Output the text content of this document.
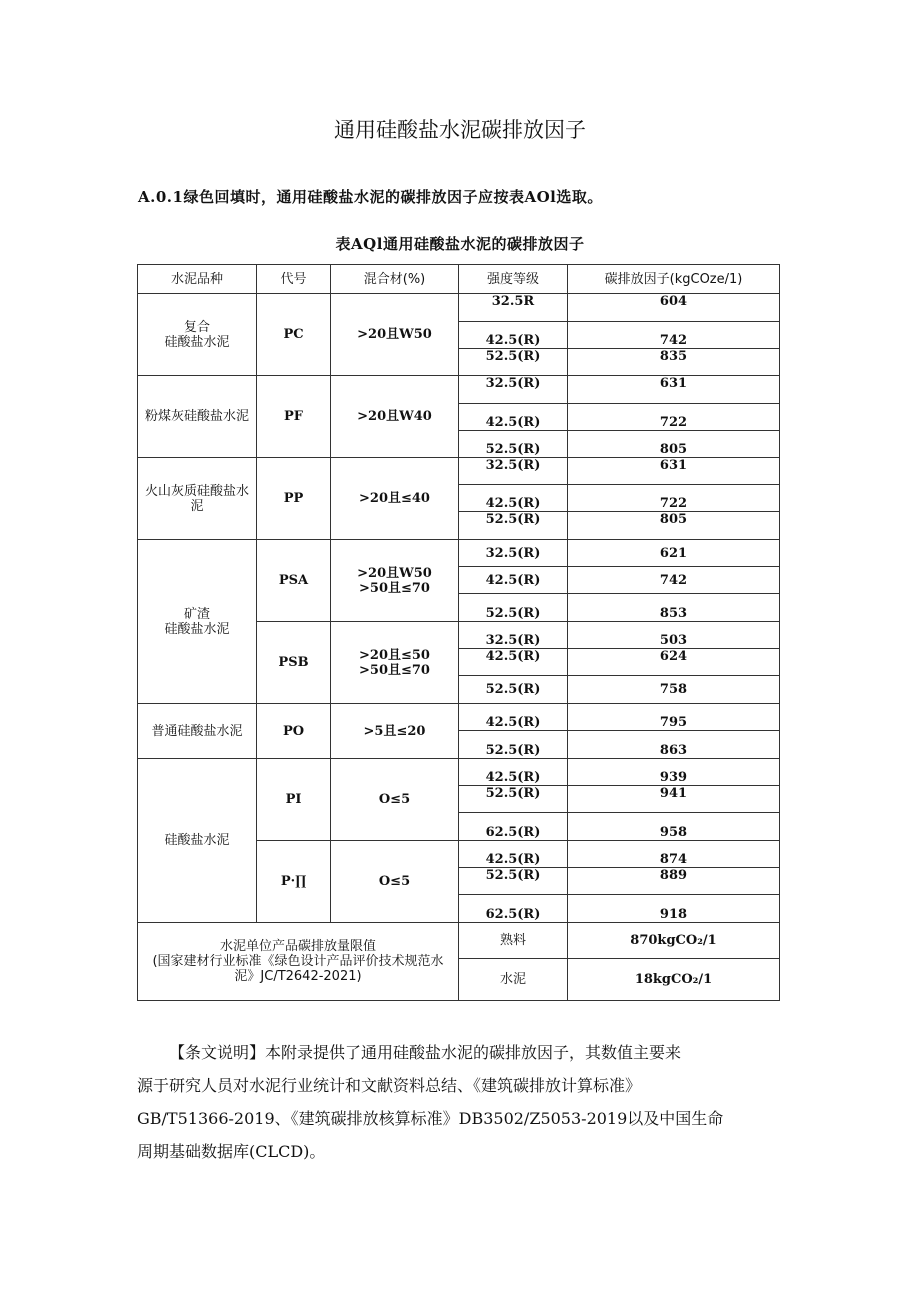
通用硅酸盐水泥碳排放因子
A.0.1绿色回填时，通用硅酸盐水泥的碳排放因子应按表AOl选取。
表AQl通用硅酸盐水泥的碳排放因子
水泥品种	代号	混合材(%)	强度等级	碳排放因子(kgCOze/1)
复合
硅酸盐水泥	PC	>20且W50	32.5R	604
			42.5(R)	742
			52.5(R)	835
粉煤灰硅酸盐水泥	PF	>20且W40	32.5(R)	631
			42.5(R)	722
			52.5(R)	805
火山灰质硅酸盐水
泥	PP	>20且≤40	32.5(R)	631
			42.5(R)	722
			52.5(R)	805
矿渣
硅酸盐水泥	PSA	>20且W50
>50且≤70	32.5(R)	621
			42.5(R)	742
			52.5(R)	853
	PSB	>20且≤50
>50且≤70	32.5(R)	503
			42.5(R)	624
			52.5(R)	758
普通硅酸盐水泥	PO	>5且≤20	42.5(R)	795
			52.5(R)	863
硅酸盐水泥	PI	O≤5	42.5(R)	939
			52.5(R)	941
			62.5(R)	958
	P·∏	O≤5	42.5(R)	874
			52.5(R)	889
			62.5(R)	918

水泥单位产品碳排放量限值
(国家建材行业标准《绿色设计产品评价技术规范水
泥》JC/T2642-2021)			熟料	870kgCO₂/1
			水泥	18kgCO₂/1

【条文说明】本附录提供了通用硅酸盐水泥的碳排放因子，其数值主要来

源于研究人员对水泥行业统计和文献资料总结、《建筑碳排放计算标准》

GB/T51366-2019、《建筑碳排放核算标准》DB3502/Z5053-2019以及中国生命

周期基础数据库(CLCD)。
